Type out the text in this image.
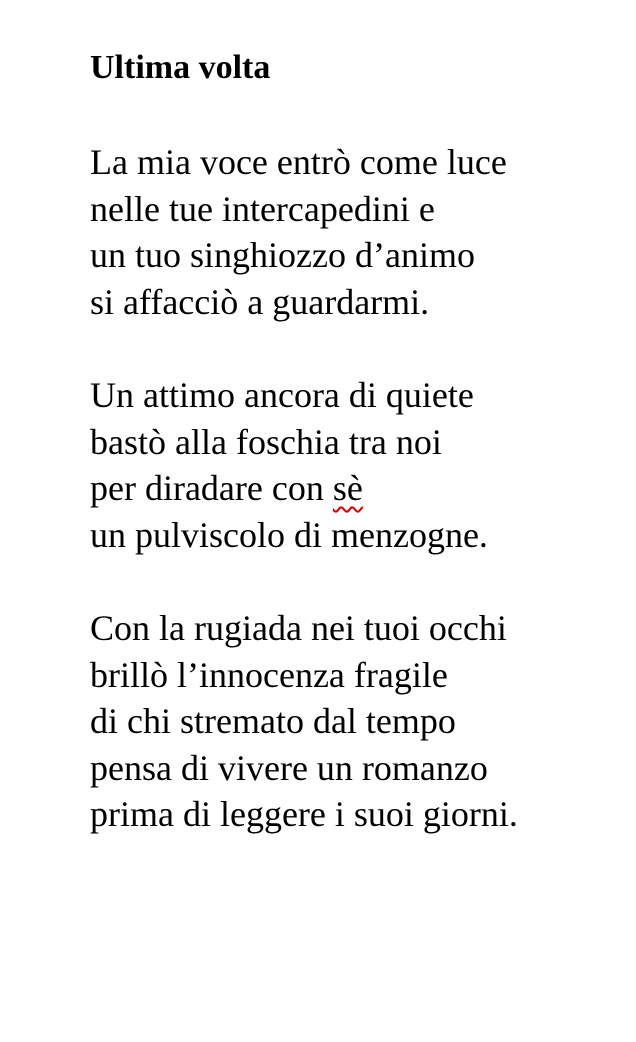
Ultima volta
La mia voce entrò come luce
nelle tue intercapedini e
un tuo singhiozzo d’animo
si affacciò a guardarmi.
Un attimo ancora di quiete
bastò alla foschia tra noi
per diradare con sè
un pulviscolo di menzogne.
Con la rugiada nei tuoi occhi
brillò l’innocenza fragile
di chi stremato dal tempo
pensa di vivere un romanzo
prima di leggere i suoi giorni.
